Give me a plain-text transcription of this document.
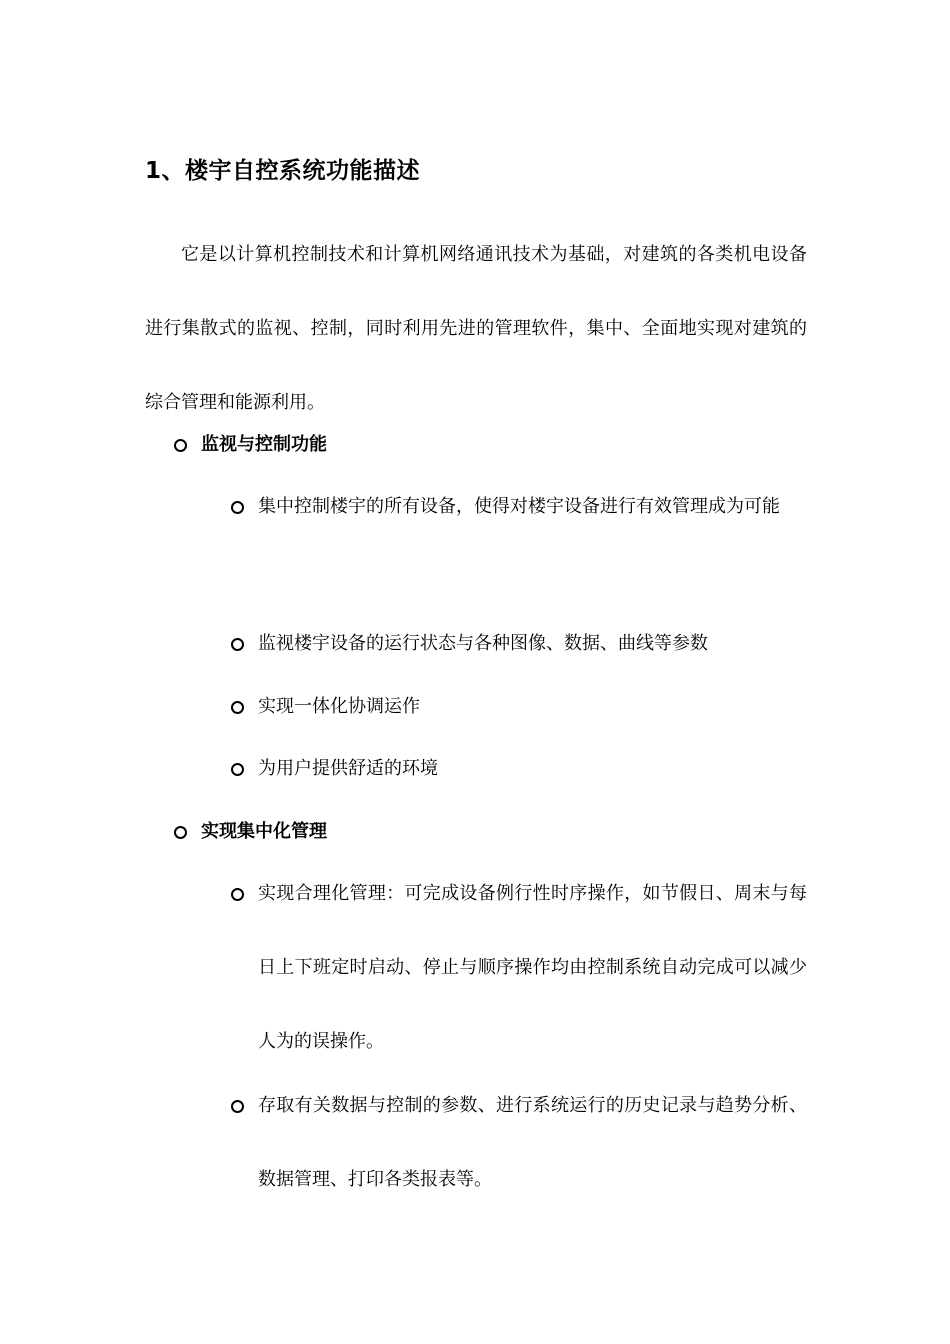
1、楼宇自控系统功能描述

它是以计算机控制技术和计算机网络通讯技术为基础，对建筑的各类机电设备进行集散式的监视、控制，同时利用先进的管理软件，集中、全面地实现对建筑的综合管理和能源利用。

监视与控制功能
集中控制楼宇的所有设备，使得对楼宇设备进行有效管理成为可能
监视楼宇设备的运行状态与各种图像、数据、曲线等参数
实现一体化协调运作
为用户提供舒适的环境
实现集中化管理
实现合理化管理：可完成设备例行性时序操作，如节假日、周末与每日上下班定时启动、停止与顺序操作均由控制系统自动完成可以减少人为的误操作。
存取有关数据与控制的参数、进行系统运行的历史记录与趋势分析、数据管理、打印各类报表等。
